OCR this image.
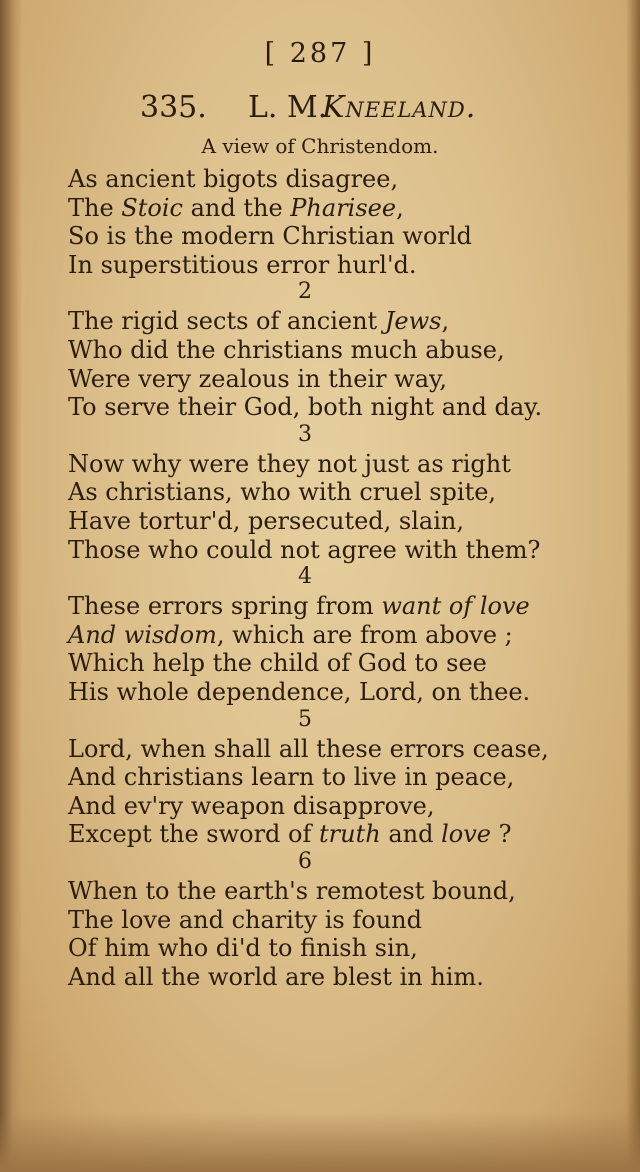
[ 287 ]
335. L. M.
Kneeland.
A view of Christendom.
As ancient bigots disagree,
The Stoic and the Pharisee,
So is the modern Christian world
In superstitious error hurl'd.
2
The rigid sects of ancient Jews,
Who did the christians much abuse,
Were very zealous in their way,
To serve their God, both night and day.
3
Now why were they not just as right
As christians, who with cruel spite,
Have tortur'd, persecuted, slain,
Those who could not agree with them?
4
These errors spring from want of love
And wisdom, which are from above ;
Which help the child of God to see
His whole dependence, Lord, on thee.
5
Lord, when shall all these errors cease,
And christians learn to live in peace,
And ev'ry weapon disapprove,
Except the sword of truth and love ?
6
When to the earth's remotest bound,
The love and charity is found
Of him who di'd to finish sin,
And all the world are blest in him.
